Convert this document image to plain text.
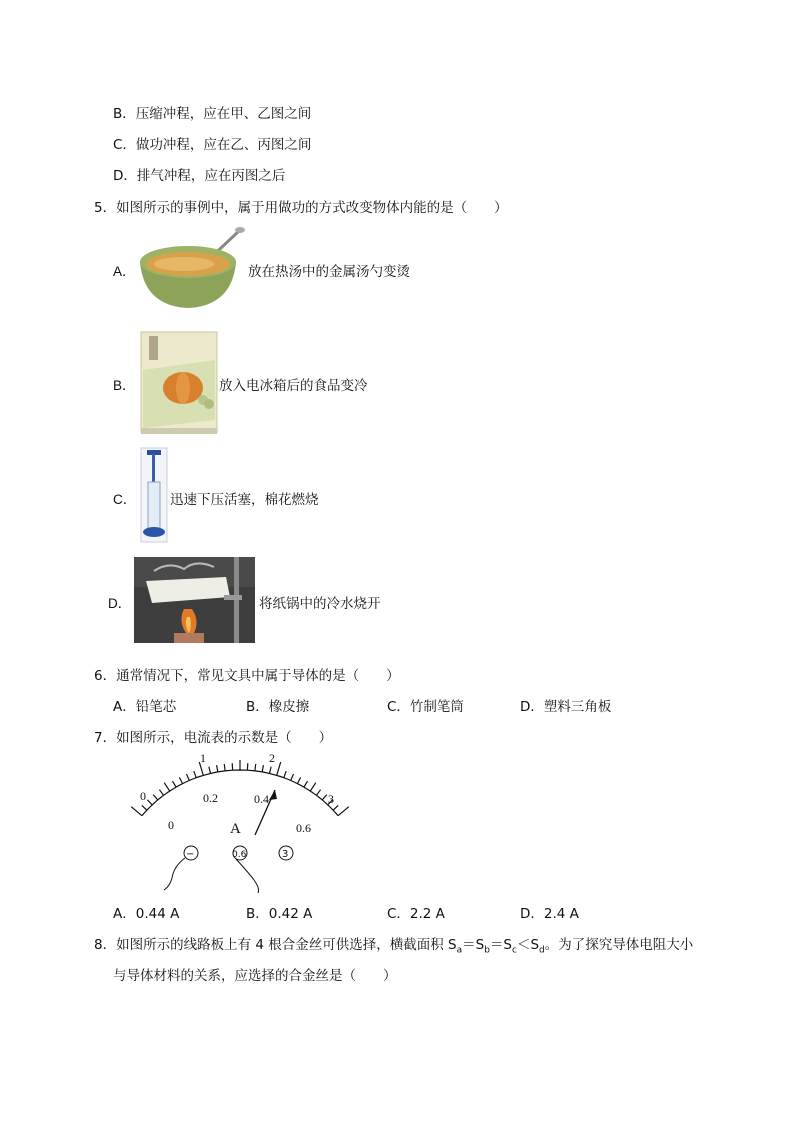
B．压缩冲程，应在甲、乙图之间
C．做功冲程，应在乙、丙图之间
D．排气冲程，应在丙图之后
5．如图所示的事例中，属于用做功的方式改变物体内能的是（　　）
A．	放在热汤中的金属汤勺变烫
B．	放入电冰箱后的食品变冷
C．	迅速下压活塞，棉花燃烧
D．	将纸锅中的冷水烧开
6．通常情况下，常见文具中属于导体的是（　　）
A．铅笔芯	B．橡皮擦	C．竹制笔筒	D．塑料三角板
7．如图所示，电流表的示数是（　　）
0
1	2
3
0
0.2	0.4
0.6
A
−	0.6	3
A．0.44 A	B．0.42 A	C．2.2 A	D．2.4 A
8．如图所示的线路板上有 4 根合金丝可供选择，横截面积 $S_a=S_b=S_c<S_d$。为了探究导体电阻大小
与导体材料的关系，应选择的合金丝是（　　）
